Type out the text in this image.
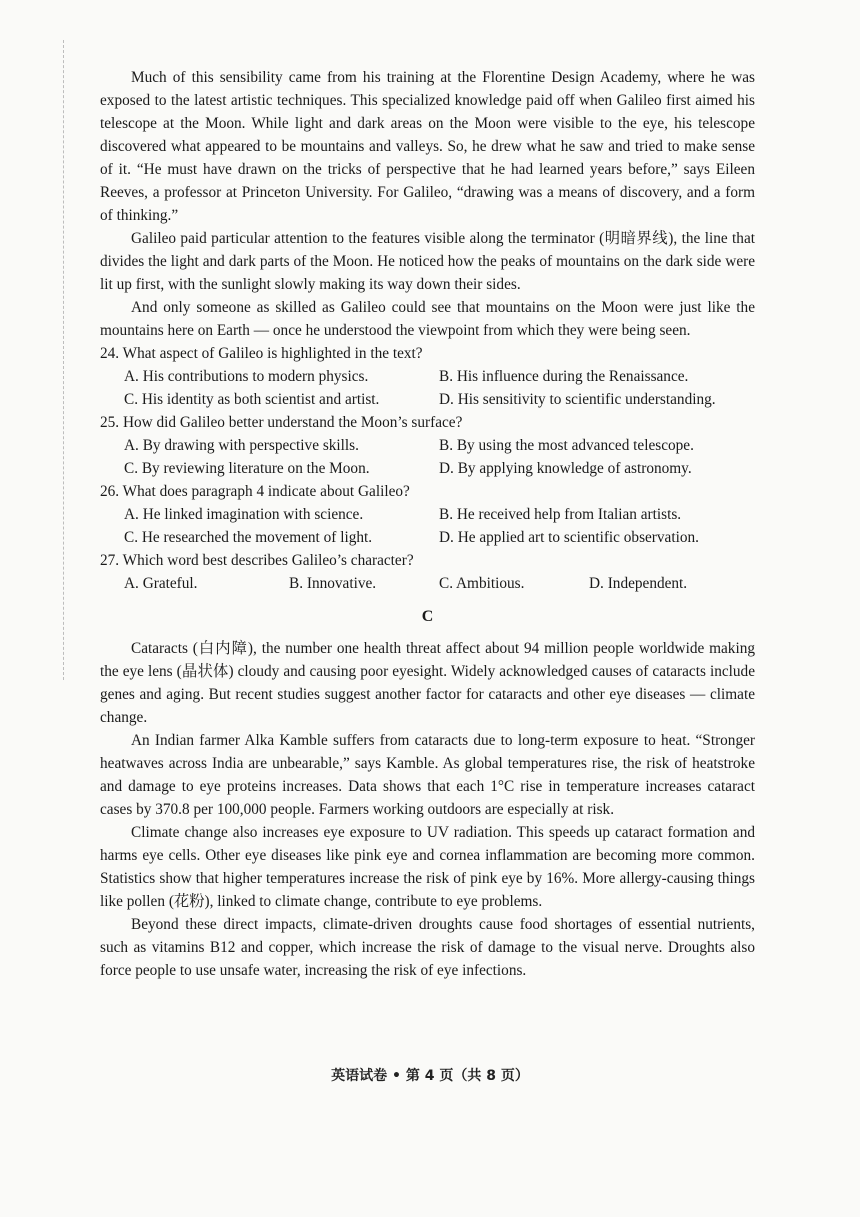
Much of this sensibility came from his training at the Florentine Design Academy, where he was exposed to the latest artistic techniques. This specialized knowledge paid off when Galileo first aimed his telescope at the Moon. While light and dark areas on the Moon were visible to the eye, his telescope discovered what appeared to be mountains and valleys. So, he drew what he saw and tried to make sense of it. “He must have drawn on the tricks of perspective that he had learned years before,” says Eileen Reeves, a professor at Princeton University. For Galileo, “drawing was a means of discovery, and a form of thinking.”

Galileo paid particular attention to the features visible along the terminator (明暗界线), the line that divides the light and dark parts of the Moon. He noticed how the peaks of mountains on the dark side were lit up first, with the sunlight slowly making its way down their sides.

And only someone as skilled as Galileo could see that mountains on the Moon were just like the mountains here on Earth — once he understood the viewpoint from which they were being seen.

24. What aspect of Galileo is highlighted in the text?

A. His contributions to modern physics.	B. His influence during the Renaissance.
C. His identity as both scientist and artist.	D. His sensitivity to scientific understanding.

25. How did Galileo better understand the Moon’s surface?

A. By drawing with perspective skills.	B. By using the most advanced telescope.
C. By reviewing literature on the Moon.	D. By applying knowledge of astronomy.

26. What does paragraph 4 indicate about Galileo?

A. He linked imagination with science.	B. He received help from Italian artists.
C. He researched the movement of light.	D. He applied art to scientific observation.

27. Which word best describes Galileo’s character?

A. Grateful.	B. Innovative.	C. Ambitious.	D. Independent.
C

Cataracts (白内障), the number one health threat affect about 94 million people worldwide making the eye lens (晶状体) cloudy and causing poor eyesight. Widely acknowledged causes of cataracts include genes and aging. But recent studies suggest another factor for cataracts and other eye diseases — climate change.

An Indian farmer Alka Kamble suffers from cataracts due to long-term exposure to heat. “Stronger heatwaves across India are unbearable,” says Kamble. As global temperatures rise, the risk of heatstroke and damage to eye proteins increases. Data shows that each 1°C rise in temperature increases cataract cases by 370.8 per 100,000 people. Farmers working outdoors are especially at risk.

Climate change also increases eye exposure to UV radiation. This speeds up cataract formation and harms eye cells. Other eye diseases like pink eye and cornea inflammation are becoming more common. Statistics show that higher temperatures increase the risk of pink eye by 16%. More allergy-causing things like pollen (花粉), linked to climate change, contribute to eye problems.

Beyond these direct impacts, climate-driven droughts cause food shortages of essential nutrients, such as vitamins B12 and copper, which increase the risk of damage to the visual nerve. Droughts also force people to use unsafe water, increasing the risk of eye infections.

英语试卷 • 第 4 页（共 8 页）
